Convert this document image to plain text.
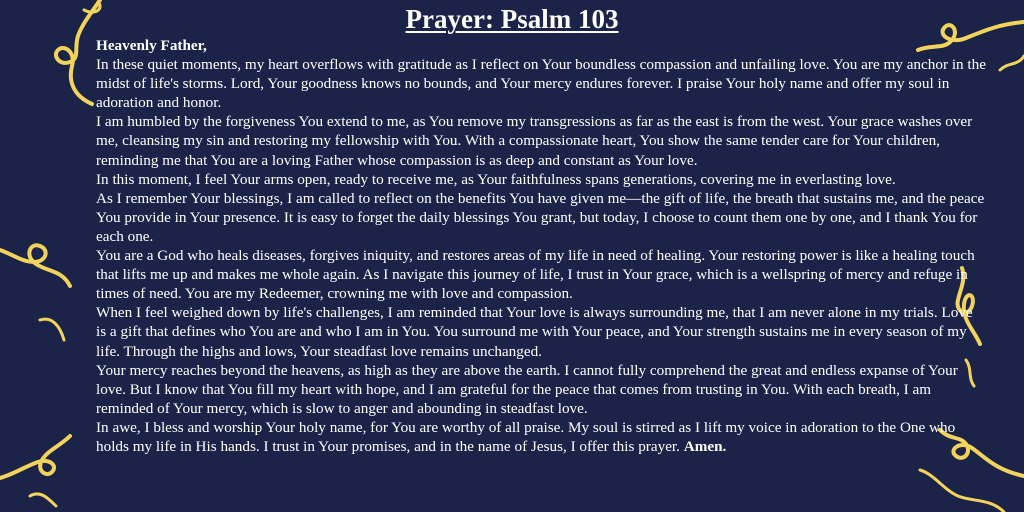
Prayer: Psalm 103

Heavenly Father,

In these quiet moments, my heart overflows with gratitude as I reflect on Your boundless compassion and unfailing love. You are my anchor in the midst of life's storms. Lord, Your goodness knows no bounds, and Your mercy endures forever. I praise Your holy name and offer my soul in adoration and honor.

I am humbled by the forgiveness You extend to me, as You remove my transgressions as far as the east is from the west. Your grace washes over me, cleansing my sin and restoring my fellowship with You. With a compassionate heart, You show the same tender care for Your children, reminding me that You are a loving Father whose compassion is as deep and constant as Your love.

In this moment, I feel Your arms open, ready to receive me, as Your faithfulness spans generations, covering me in everlasting love.

As I remember Your blessings, I am called to reflect on the benefits You have given me—the gift of life, the breath that sustains me, and the peace You provide in Your presence. It is easy to forget the daily blessings You grant, but today, I choose to count them one by one, and I thank You for each one.

You are a God who heals diseases, forgives iniquity, and restores areas of my life in need of healing. Your restoring power is like a healing touch that lifts me up and makes me whole again. As I navigate this journey of life, I trust in Your grace, which is a wellspring of mercy and refuge in times of need. You are my Redeemer, crowning me with love and compassion.

When I feel weighed down by life's challenges, I am reminded that Your love is always surrounding me, that I am never alone in my trials. Love is a gift that defines who You are and who I am in You. You surround me with Your peace, and Your strength sustains me in every season of my life. Through the highs and lows, Your steadfast love remains unchanged.

Your mercy reaches beyond the heavens, as high as they are above the earth. I cannot fully comprehend the great and endless expanse of Your love. But I know that You fill my heart with hope, and I am grateful for the peace that comes from trusting in You. With each breath, I am reminded of Your mercy, which is slow to anger and abounding in steadfast love.

In awe, I bless and worship Your holy name, for You are worthy of all praise. My soul is stirred as I lift my voice in adoration to the One who holds my life in His hands. I trust in Your promises, and in the name of Jesus, I offer this prayer. Amen.
